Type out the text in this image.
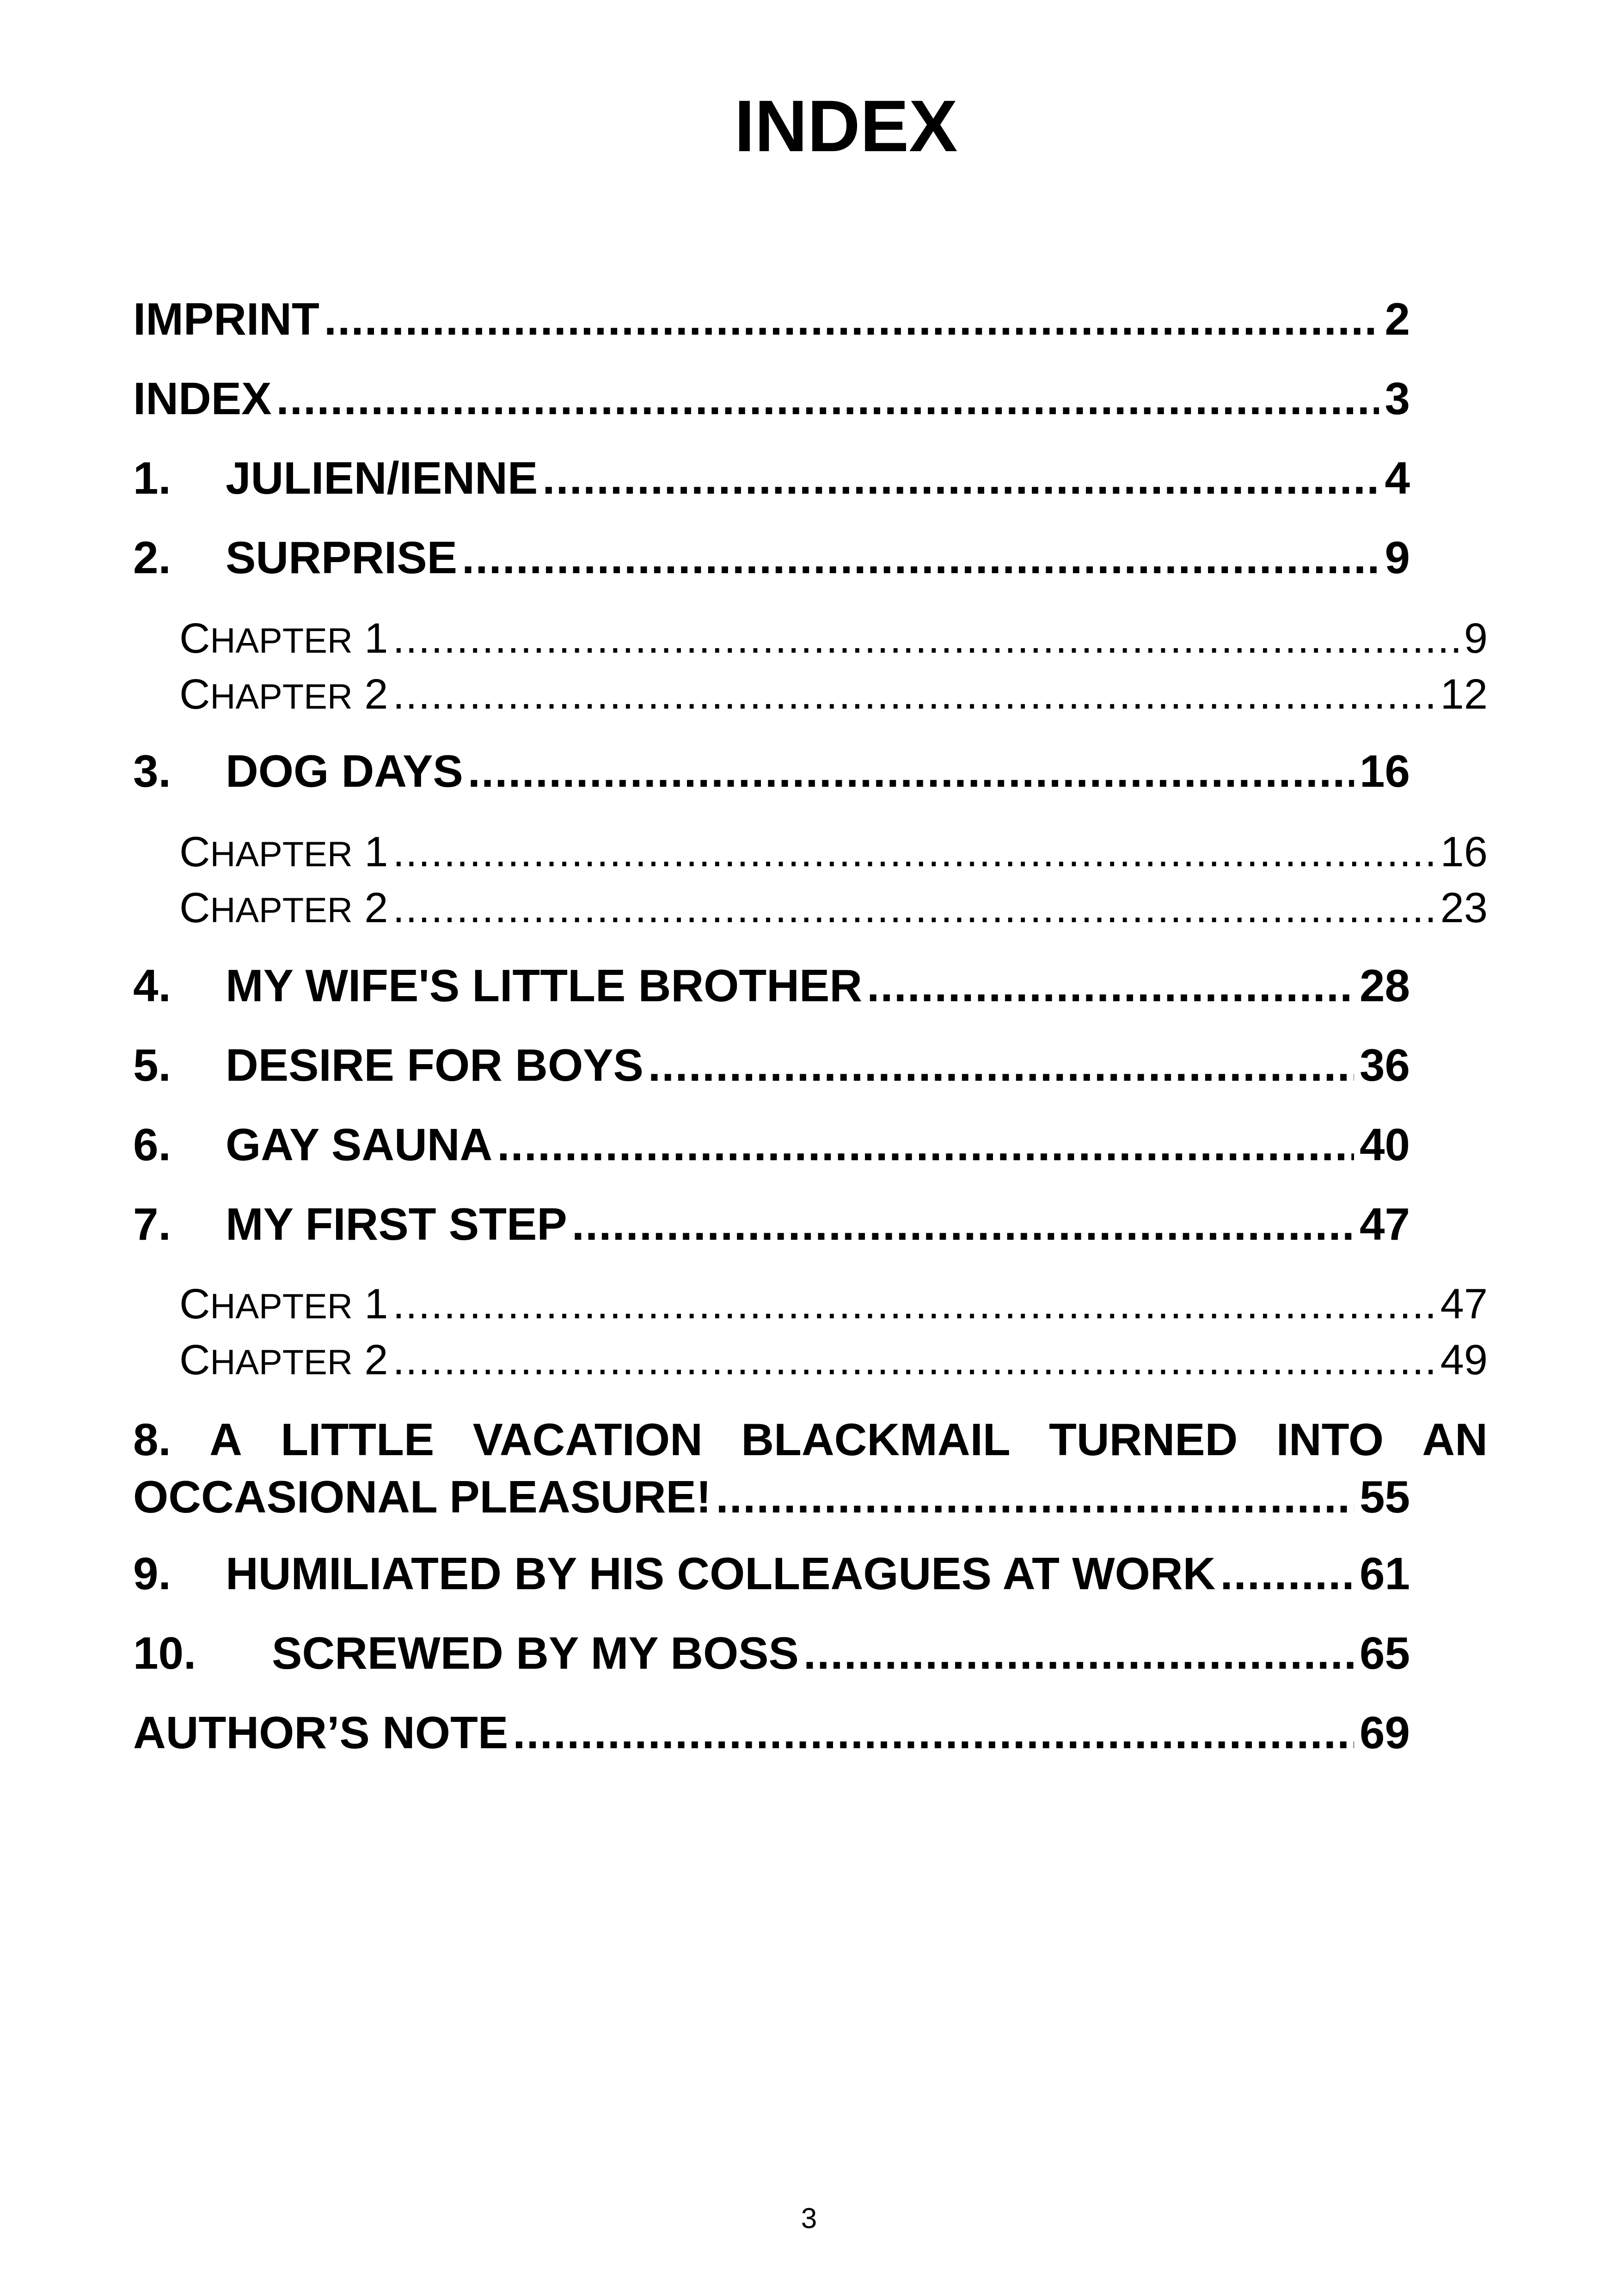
INDEX
IMPRINT .....	2
INDEX .....	3
1.	JULIEN/IENNE .....	4
2.	SURPRISE .....	9
CHAPTER 1 .....	9
CHAPTER 2 .....	12
3.	DOG DAYS .....	16
CHAPTER 1 .....	16
CHAPTER 2 .....	23
4.	MY WIFE'S LITTLE BROTHER .....	28
5.	DESIRE FOR BOYS .....	36
6.	GAY SAUNA .....	40
7.	MY FIRST STEP .....	47
CHAPTER 1 .....	47
CHAPTER 2 .....	49
8. A LITTLE VACATION BLACKMAIL TURNED INTO AN
OCCASIONAL PLEASURE! .....	55
9.	HUMILIATED BY HIS COLLEAGUES AT WORK .....	61
10.	SCREWED BY MY BOSS .....	65
AUTHOR’S NOTE .....	69
3
